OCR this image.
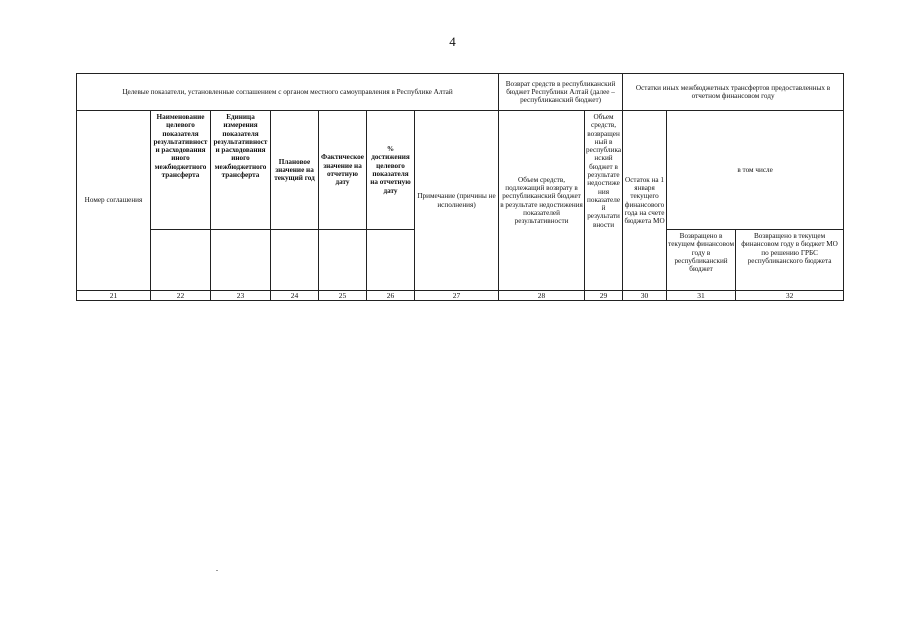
4
Целевые показатели, установленные соглашением с органом местного самоуправления в Республике Алтай							Возврат средств в республиканский бюджет Республики Алтай (далее – республиканский бюджет)		Остатки иных межбюджетных трансфертов предоставленных в отчетном финансовом году		
Номер соглашения	Наименование целевого показателя результативности расходования иного межбюджетного трансферта	Единица измерения показателя результативности расходования иного межбюджетного трансферта	Плановое значение на текущий год	Фактическое значение на отчетную дату	% достижения целевого показателя на отчетную дату	Примечание (причины не исполнения)	Объем средств, подлежащий возврату в республиканский бюджет в результате недостижения показателей результативности	Объем средств, возвращенный в республиканский бюджет в результате недостижения показателей результативности	Остаток на 1 января текущего финансового года на счете бюджета МО	в том числе	
										Возвращено в текущем финансовом году в республиканский бюджет	Возвращено в текущем финансовом году в бюджет МО по решению ГРБС республиканского бюджета
21	22	23	24	25	26	27	28	29	30	31	32
